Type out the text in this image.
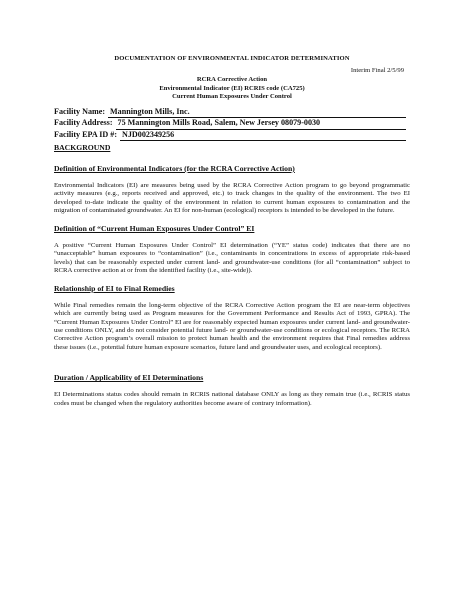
DOCUMENTATION OF ENVIRONMENTAL INDICATOR DETERMINATION
Interim Final 2/5/99
RCRA Corrective Action
Environmental Indicator (EI) RCRIS code (CA725)
Current Human Exposures Under Control
Facility Name: Mannington Mills, Inc.
Facility Address: 75 Mannington Mills Road, Salem, New Jersey 08079-0030
Facility EPA ID #: NJD002349256
BACKGROUND
Definition of Environmental Indicators (for the RCRA Corrective Action)

Environmental Indicators (EI) are measures being used by the RCRA Corrective Action program to go beyond programmatic activity measures (e.g., reports received and approved, etc.) to track changes in the quality of the environment. The two EI developed to-date indicate the quality of the environment in relation to current human exposures to contamination and the migration of contaminated groundwater. An EI for non-human (ecological) receptors is intended to be developed in the future.

Definition of “Current Human Exposures Under Control” EI

A positive “Current Human Exposures Under Control” EI determination (“YE” status code) indicates that there are no “unacceptable” human exposures to “contamination” (i.e., contaminants in concentrations in excess of appropriate risk-based levels) that can be reasonably expected under current land- and groundwater-use conditions (for all “contamination” subject to RCRA corrective action at or from the identified facility (i.e., site-wide)).

Relationship of EI to Final Remedies

While Final remedies remain the long-term objective of the RCRA Corrective Action program the EI are near-term objectives which are currently being used as Program measures for the Government Performance and Results Act of 1993, GPRA). The “Current Human Exposures Under Control” EI are for reasonably expected human exposures under current land- and groundwater-use conditions ONLY, and do not consider potential future land- or groundwater-use conditions or ecological receptors. The RCRA Corrective Action program’s overall mission to protect human health and the environment requires that Final remedies address these issues (i.e., potential future human exposure scenarios, future land and groundwater uses, and ecological receptors).

Duration / Applicability of EI Determinations

EI Determinations status codes should remain in RCRIS national database ONLY as long as they remain true (i.e., RCRIS status codes must be changed when the regulatory authorities become aware of contrary information).
